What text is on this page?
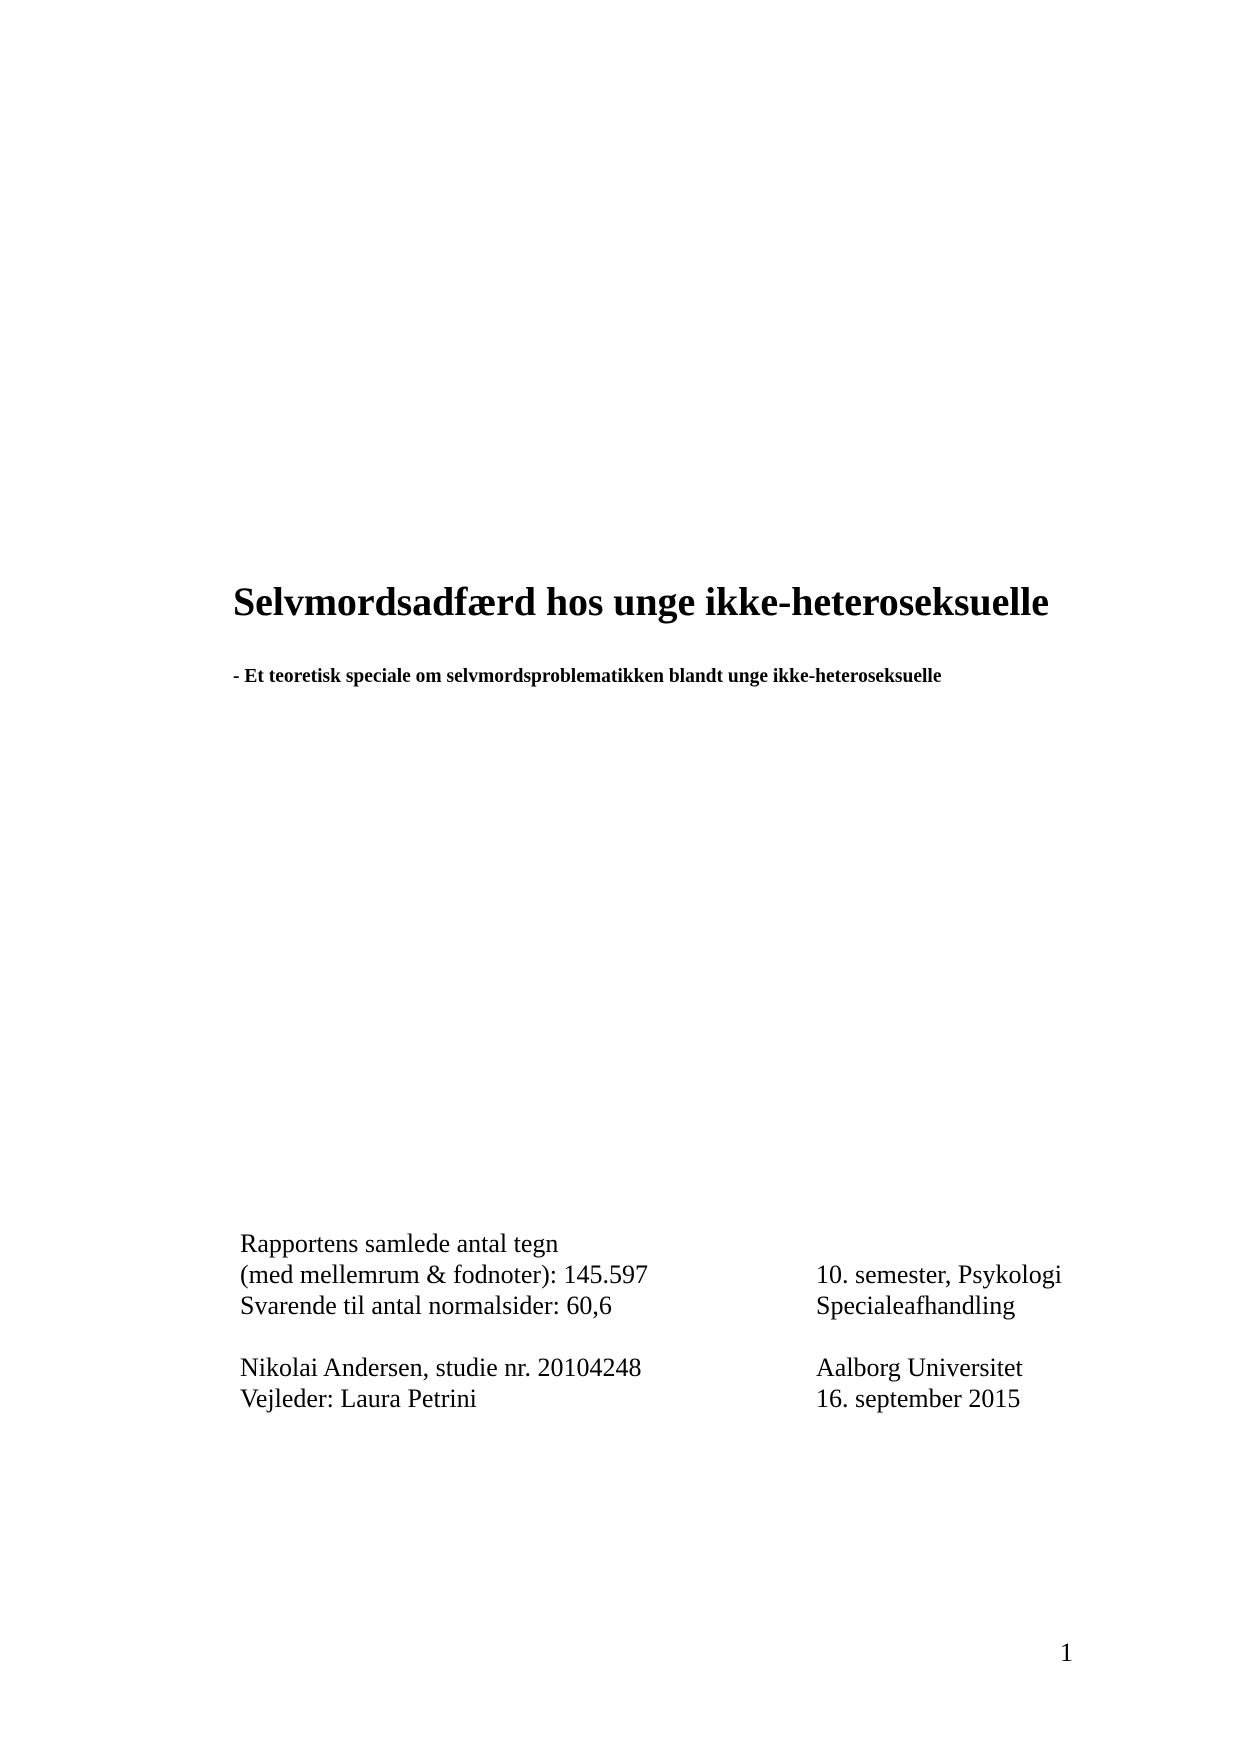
Selvmordsadfærd hos unge ikke-heteroseksuelle
- Et teoretisk speciale om selvmordsproblematikken blandt unge ikke-heteroseksuelle
Rapportens samlede antal tegn
(med mellemrum & fodnoter): 145.597	10. semester, Psykologi
Svarende til antal normalsider: 60,6	Specialeafhandling
Nikolai Andersen, studie nr. 20104248	Aalborg Universitet
Vejleder: Laura Petrini	16. september 2015
1
